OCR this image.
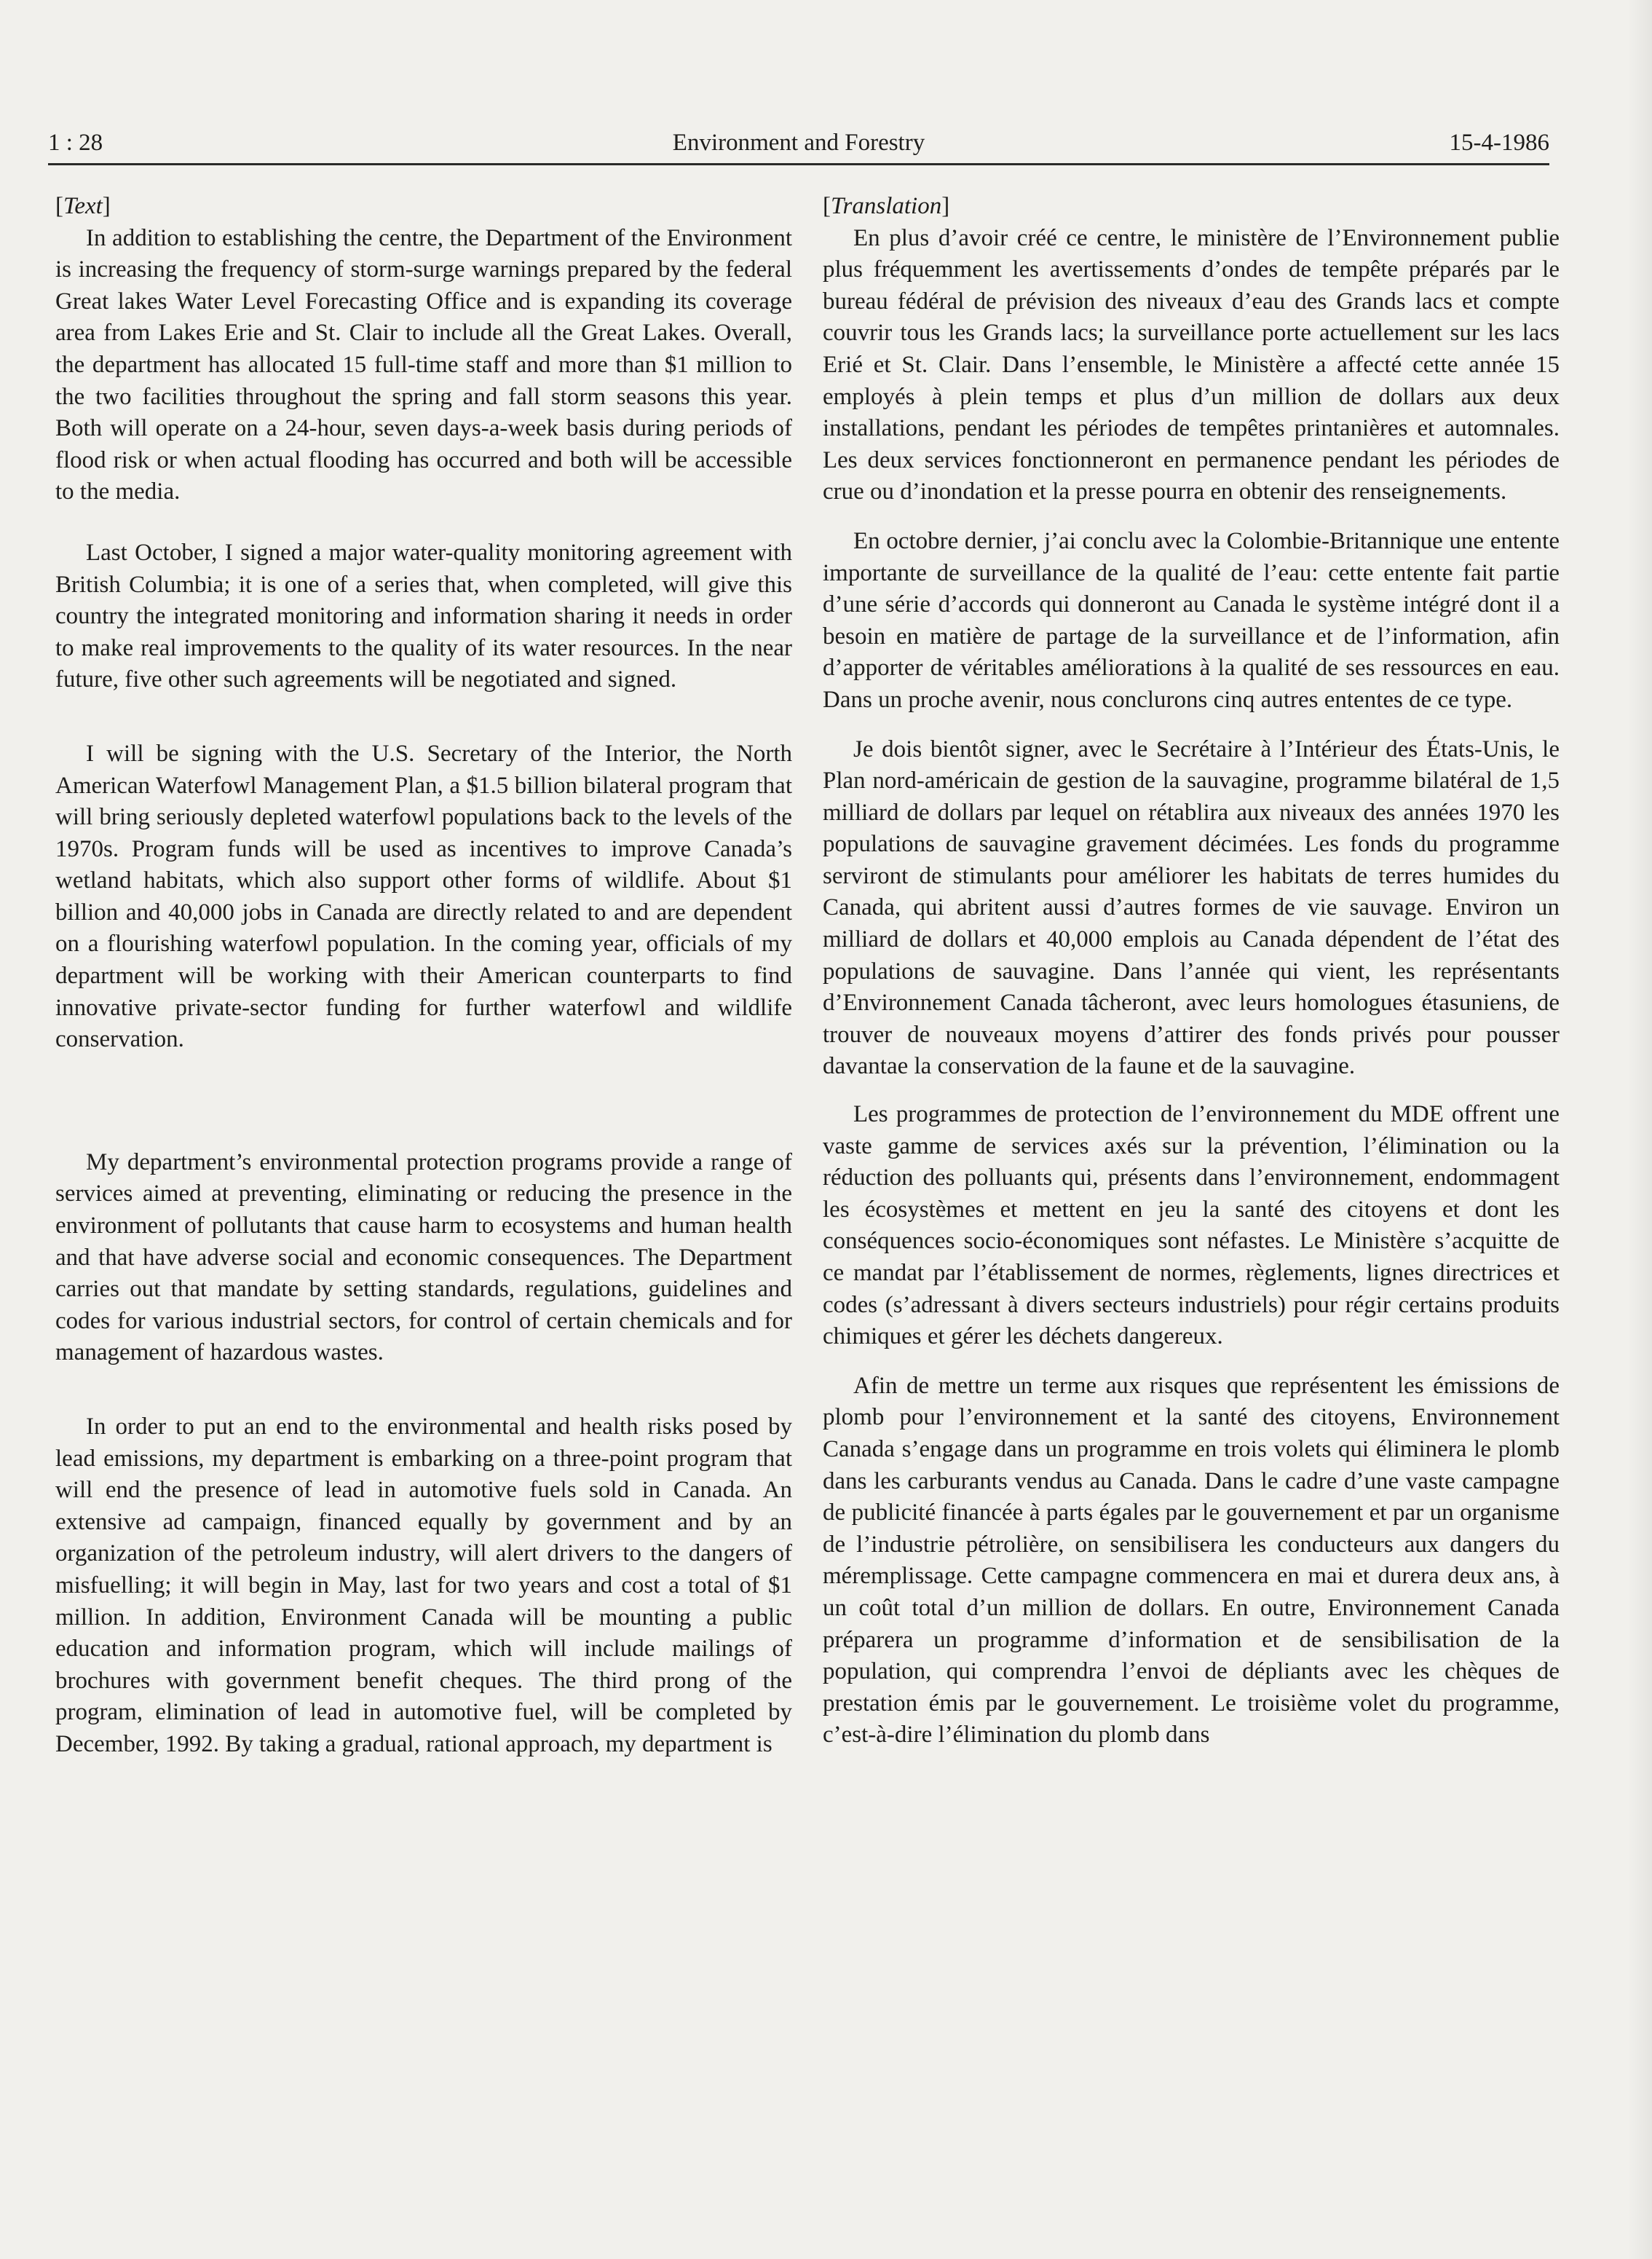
1 : 28	Environment and Forestry	15-4-1986

[Text]

In addition to establishing the centre, the Department of the Environment is increasing the frequency of storm-surge warnings prepared by the federal Great lakes Water Level Forecasting Office and is expanding its coverage area from Lakes Erie and St. Clair to include all the Great Lakes. Overall, the department has allocated 15 full-time staff and more than $1 million to the two facilities throughout the spring and fall storm seasons this year. Both will operate on a 24-hour, seven days-a-week basis during periods of flood risk or when actual flooding has occurred and both will be accessible to the media.

Last October, I signed a major water-quality monitoring agreement with British Columbia; it is one of a series that, when completed, will give this country the integrated monitoring and information sharing it needs in order to make real improvements to the quality of its water resources. In the near future, five other such agreements will be negotiated and signed.

I will be signing with the U.S. Secretary of the Interior, the North American Waterfowl Management Plan, a $1.5 billion bilateral program that will bring seriously depleted waterfowl populations back to the levels of the 1970s. Program funds will be used as incentives to improve Canada’s wetland habitats, which also support other forms of wildlife. About $1 billion and 40,000 jobs in Canada are directly related to and are dependent on a flourishing waterfowl population. In the coming year, officials of my department will be working with their American counterparts to find innovative private-sector funding for further waterfowl and wildlife conservation.

My department’s environmental protection programs provide a range of services aimed at preventing, eliminating or reducing the presence in the environment of pollutants that cause harm to ecosystems and human health and that have adverse social and economic consequences. The Department carries out that mandate by setting standards, regulations, guidelines and codes for various industrial sectors, for control of certain chemicals and for management of hazardous wastes.

In order to put an end to the environmental and health risks posed by lead emissions, my department is embarking on a three-point program that will end the presence of lead in automotive fuels sold in Canada. An extensive ad campaign, financed equally by government and by an organization of the petroleum industry, will alert drivers to the dangers of misfuelling; it will begin in May, last for two years and cost a total of $1 million. In addition, Environment Canada will be mounting a public education and information program, which will include mailings of brochures with government benefit cheques. The third prong of the program, elimination of lead in automotive fuel, will be completed by December, 1992. By taking a gradual, rational approach, my department is

[Translation]

En plus d’avoir créé ce centre, le ministère de l’Environnement publie plus fréquemment les avertissements d’ondes de tempête préparés par le bureau fédéral de prévision des niveaux d’eau des Grands lacs et compte couvrir tous les Grands lacs; la surveillance porte actuellement sur les lacs Erié et St. Clair. Dans l’ensemble, le Ministère a affecté cette année 15 employés à plein temps et plus d’un million de dollars aux deux installations, pendant les périodes de tempêtes printanières et automnales. Les deux services fonctionneront en permanence pendant les périodes de crue ou d’inondation et la presse pourra en obtenir des renseignements.

En octobre dernier, j’ai conclu avec la Colombie-Britannique une entente importante de surveillance de la qualité de l’eau: cette entente fait partie d’une série d’accords qui donneront au Canada le système intégré dont il a besoin en matière de partage de la surveillance et de l’information, afin d’apporter de véritables améliorations à la qualité de ses ressources en eau. Dans un proche avenir, nous conclurons cinq autres ententes de ce type.

Je dois bientôt signer, avec le Secrétaire à l’Intérieur des États-Unis, le Plan nord-américain de gestion de la sauvagine, programme bilatéral de 1,5 milliard de dollars par lequel on rétablira aux niveaux des années 1970 les populations de sauvagine gravement décimées. Les fonds du programme serviront de stimulants pour améliorer les habitats de terres humides du Canada, qui abritent aussi d’autres formes de vie sauvage. Environ un milliard de dollars et 40,000 emplois au Canada dépendent de l’état des populations de sauvagine. Dans l’année qui vient, les représentants d’Environnement Canada tâcheront, avec leurs homologues étasuniens, de trouver de nouveaux moyens d’attirer des fonds privés pour pousser davantae la conservation de la faune et de la sauvagine.

Les programmes de protection de l’environnement du MDE offrent une vaste gamme de services axés sur la prévention, l’élimination ou la réduction des polluants qui, présents dans l’environnement, endommagent les écosystèmes et mettent en jeu la santé des citoyens et dont les conséquences socio-économiques sont néfastes. Le Ministère s’acquitte de ce mandat par l’établissement de normes, règlements, lignes directrices et codes (s’adressant à divers secteurs industriels) pour régir certains produits chimiques et gérer les déchets dangereux.

Afin de mettre un terme aux risques que représentent les émissions de plomb pour l’environnement et la santé des citoyens, Environnement Canada s’engage dans un programme en trois volets qui éliminera le plomb dans les carburants vendus au Canada. Dans le cadre d’une vaste campagne de publicité financée à parts égales par le gouvernement et par un organisme de l’industrie pétrolière, on sensibilisera les conducteurs aux dangers du méremplissage. Cette campagne commencera en mai et durera deux ans, à un coût total d’un million de dollars. En outre, Environnement Canada préparera un programme d’information et de sensibilisation de la population, qui comprendra l’envoi de dépliants avec les chèques de prestation émis par le gouvernement. Le troisième volet du programme, c’est-à-dire l’élimination du plomb dans
